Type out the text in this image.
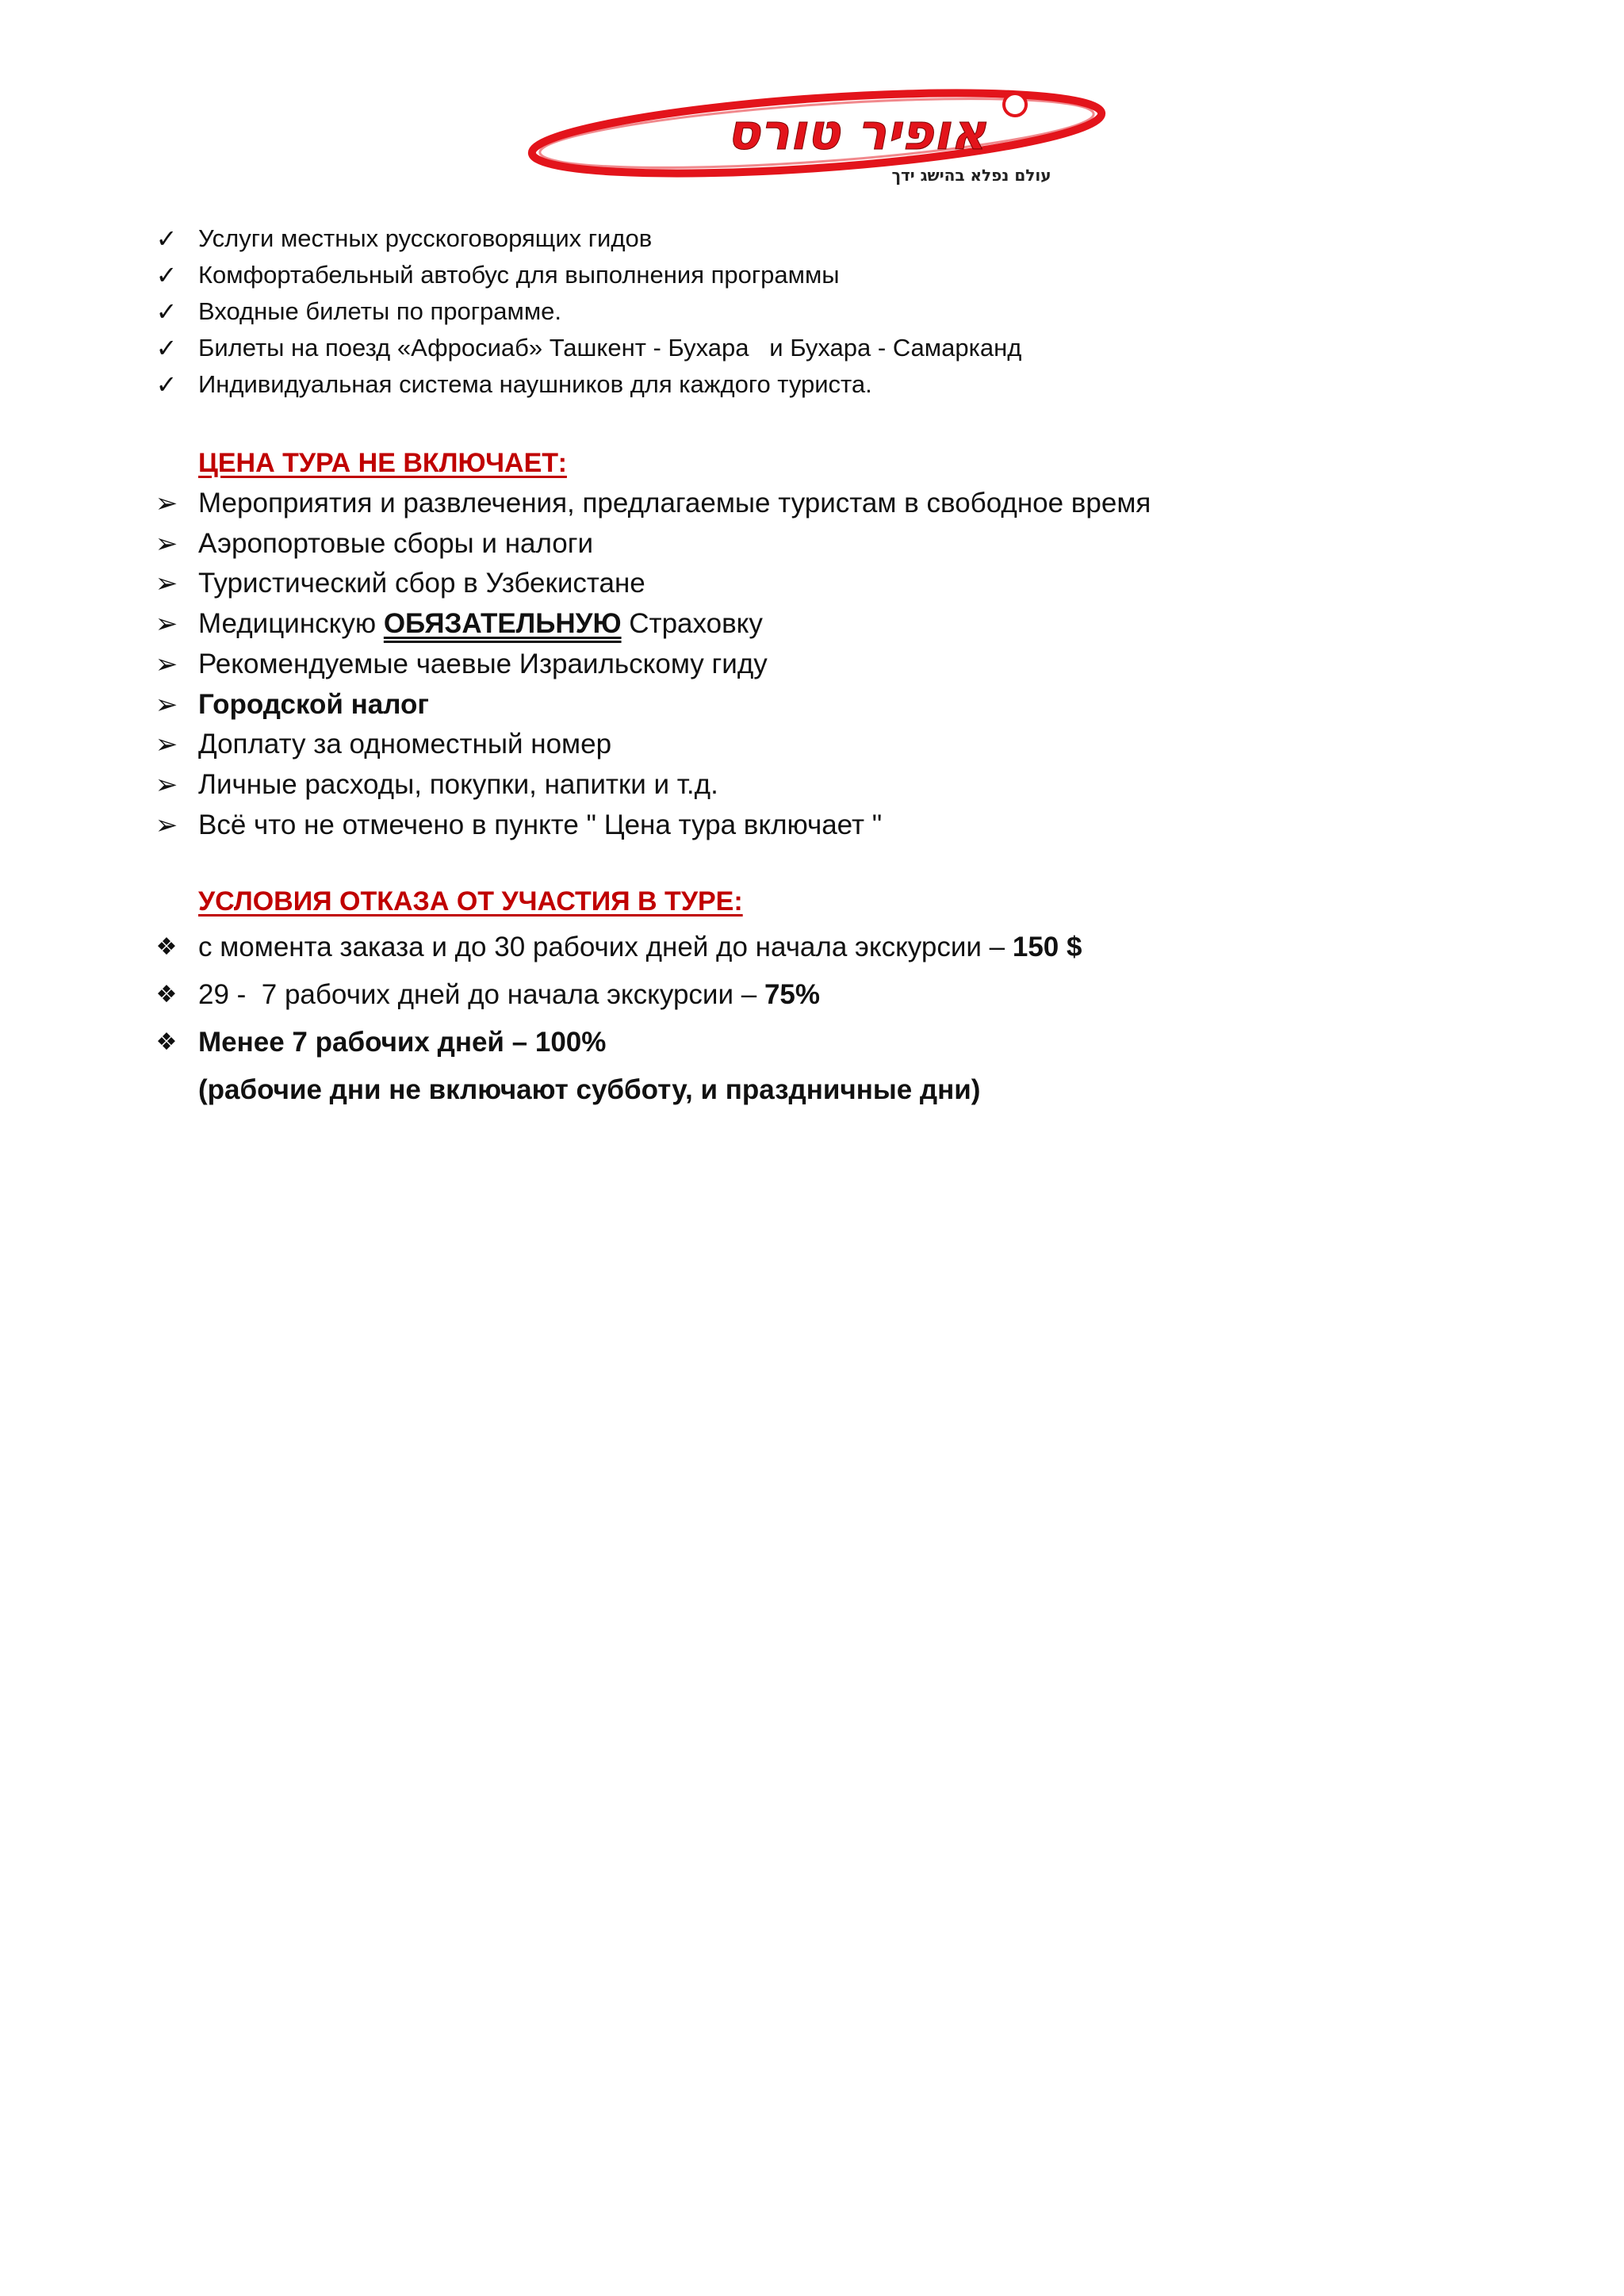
אופיר טורס
עולם נפלא בהישג ידך
✓ Услуги местных русскоговорящих гидов
✓ Комфортабельный автобус для выполнения программы
✓ Входные билеты по программе.
✓ Билеты на поезд «Афросиаб» Ташкент - Бухара   и Бухара - Самарканд
✓ Индивидуальная система наушников для каждого туриста.
ЦЕНА ТУРА НЕ ВКЛЮЧАЕТ:
➢ Мероприятия и развлечения, предлагаемые туристам в свободное время
➢ Аэропортовые сборы и налоги
➢ Туристический сбор в Узбекистане
➢ Медицинскую ОБЯЗАТЕЛЬНУЮ Страховку
➢ Рекомендуемые чаевые Израильскому гиду
➢ Городской налог
➢ Доплату за одноместный номер
➢ Личные расходы, покупки, напитки и т.д.
➢ Всё что не отмечено в пункте " Цена тура включает "
УСЛОВИЯ ОТКАЗА ОТ УЧАСТИЯ В ТУРЕ:
❖ с момента заказа и до 30 рабочих дней до начала экскурсии – 150 $
❖ 29 -  7 рабочих дней до начала экскурсии – 75%
❖ Менее 7 рабочих дней – 100%
(рабочие дни не включают субботу, и праздничные дни)
